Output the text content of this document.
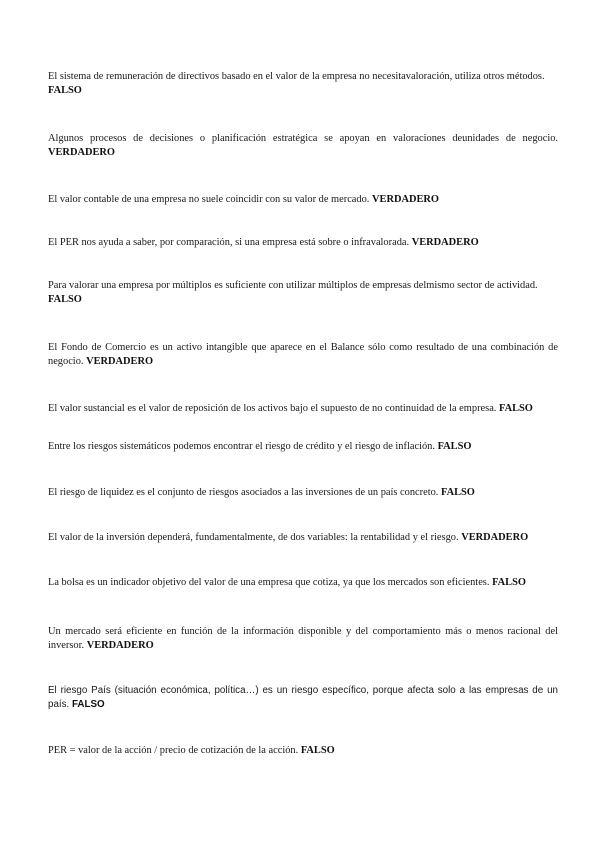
El sistema de remuneración de directivos basado en el valor de la empresa no necesitavaloración, utiliza otros métodos. FALSO

Algunos procesos de decisiones o planificación estratégica se apoyan en valoraciones deunidades de negocio. VERDADERO

El valor contable de una empresa no suele coincidir con su valor de mercado. VERDADERO

El PER nos ayuda a saber, por comparación, si una empresa está sobre o infravalorada. VERDADERO

Para valorar una empresa por múltiplos es suficiente con utilizar múltiplos de empresas delmismo sector de actividad. FALSO

El Fondo de Comercio es un activo intangible que aparece en el Balance sólo como resultado de una combinación de negocio. VERDADERO

El valor sustancial es el valor de reposición de los activos bajo el supuesto de no continuidad de la empresa. FALSO

Entre los riesgos sistemáticos podemos encontrar el riesgo de crédito y el riesgo de inflación. FALSO

El riesgo de liquidez es el conjunto de riesgos asociados a las inversiones de un país concreto. FALSO

El valor de la inversión dependerá, fundamentalmente, de dos variables: la rentabilidad y el riesgo. VERDADERO

La bolsa es un indicador objetivo del valor de una empresa que cotiza, ya que los mercados son eficientes. FALSO

Un mercado será eficiente en función de la información disponible y del comportamiento más o menos racional del inversor. VERDADERO

El riesgo País (situación económica, política…) es un riesgo específico, porque afecta solo a las empresas de un país. FALSO

PER = valor de la acción / precio de cotización de la acción. FALSO
